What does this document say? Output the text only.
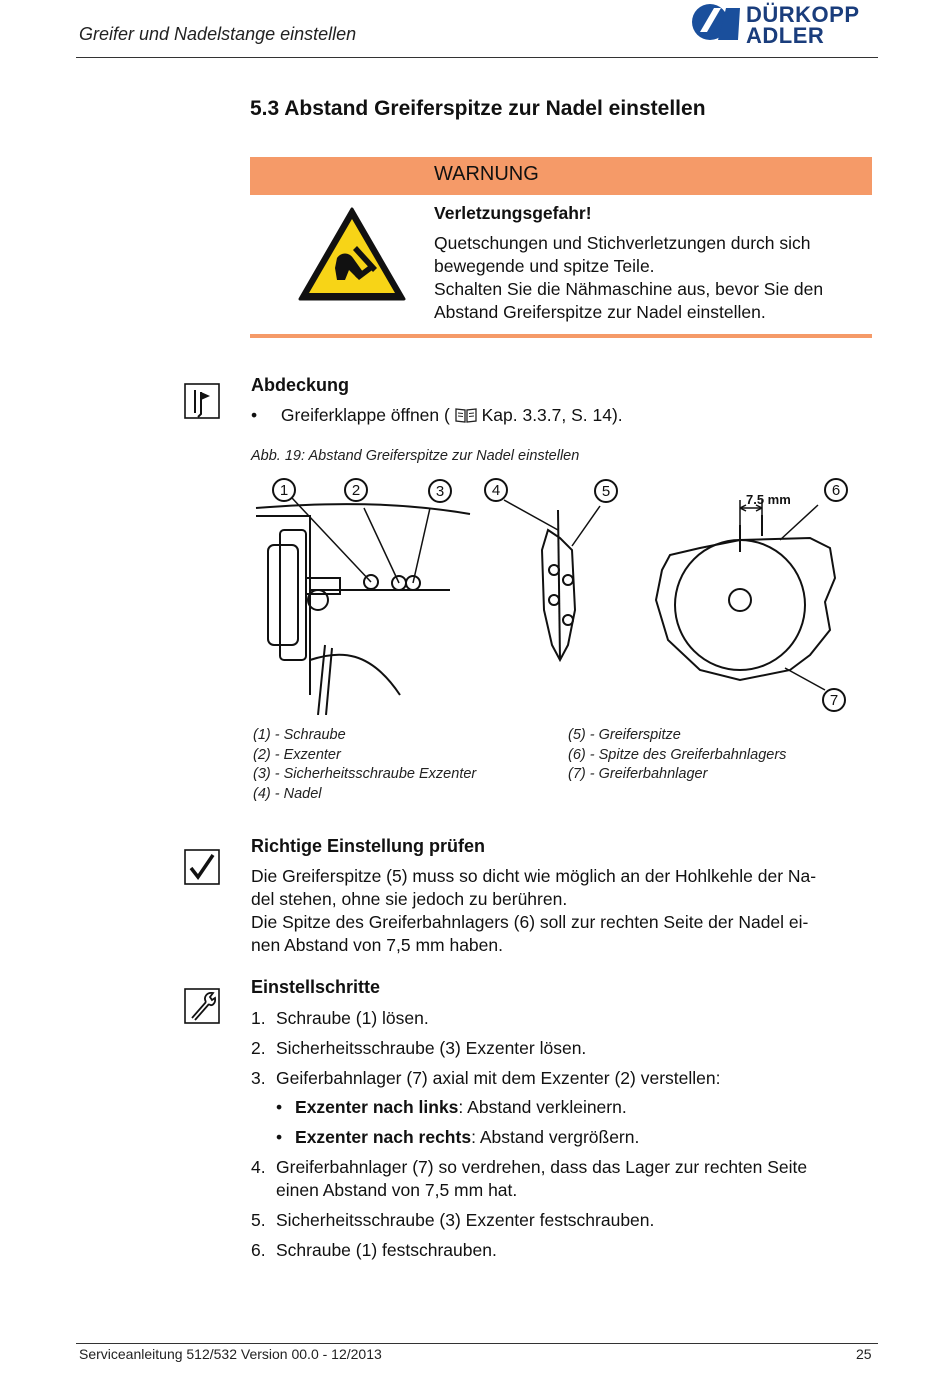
Greifer und Nadelstange einstellen
DÜRKOPP
ADLER
5.3 Abstand Greiferspitze zur Nadel einstellen
WARNUNG
Verletzungsgefahr!
Quetschungen und Stichverletzungen durch sich bewegende und spitze Teile.
Schalten Sie die Nähmaschine aus, bevor Sie den Abstand Greiferspitze zur Nadel einstellen.
Abdeckung
• Greiferklappe öffnen ( Kap. 3.3.7, S. 14).
Abb. 19: Abstand Greiferspitze zur Nadel einstellen
7.5 mm
1	2	3	4	5	6
7
(1) - Schraube
(2) - Exzenter
(3) - Sicherheitsschraube Exzenter
(4) - Nadel
(5) - Greiferspitze
(6) - Spitze des Greiferbahnlagers
(7) - Greiferbahnlager
Richtige Einstellung prüfen
Die Greiferspitze (5) muss so dicht wie möglich an der Hohlkehle der Na-
del stehen, ohne sie jedoch zu berühren.
Die Spitze des Greiferbahnlagers (6) soll zur rechten Seite der Nadel ei-
nen Abstand von 7,5 mm haben.
Einstellschritte
1. Schraube (1) lösen.
2. Sicherheitsschraube (3) Exzenter lösen.
3. Geiferbahnlager (7) axial mit dem Exzenter (2) verstellen:
• Exzenter nach links: Abstand verkleinern.
• Exzenter nach rechts: Abstand vergrößern.
4. Greiferbahnlager (7) so verdrehen, dass das Lager zur rechten Seite
einen Abstand von 7,5 mm hat.
5. Sicherheitsschraube (3) Exzenter festschrauben.
6. Schraube (1) festschrauben.
Serviceanleitung 512/532 Version 00.0 - 12/2013	25
